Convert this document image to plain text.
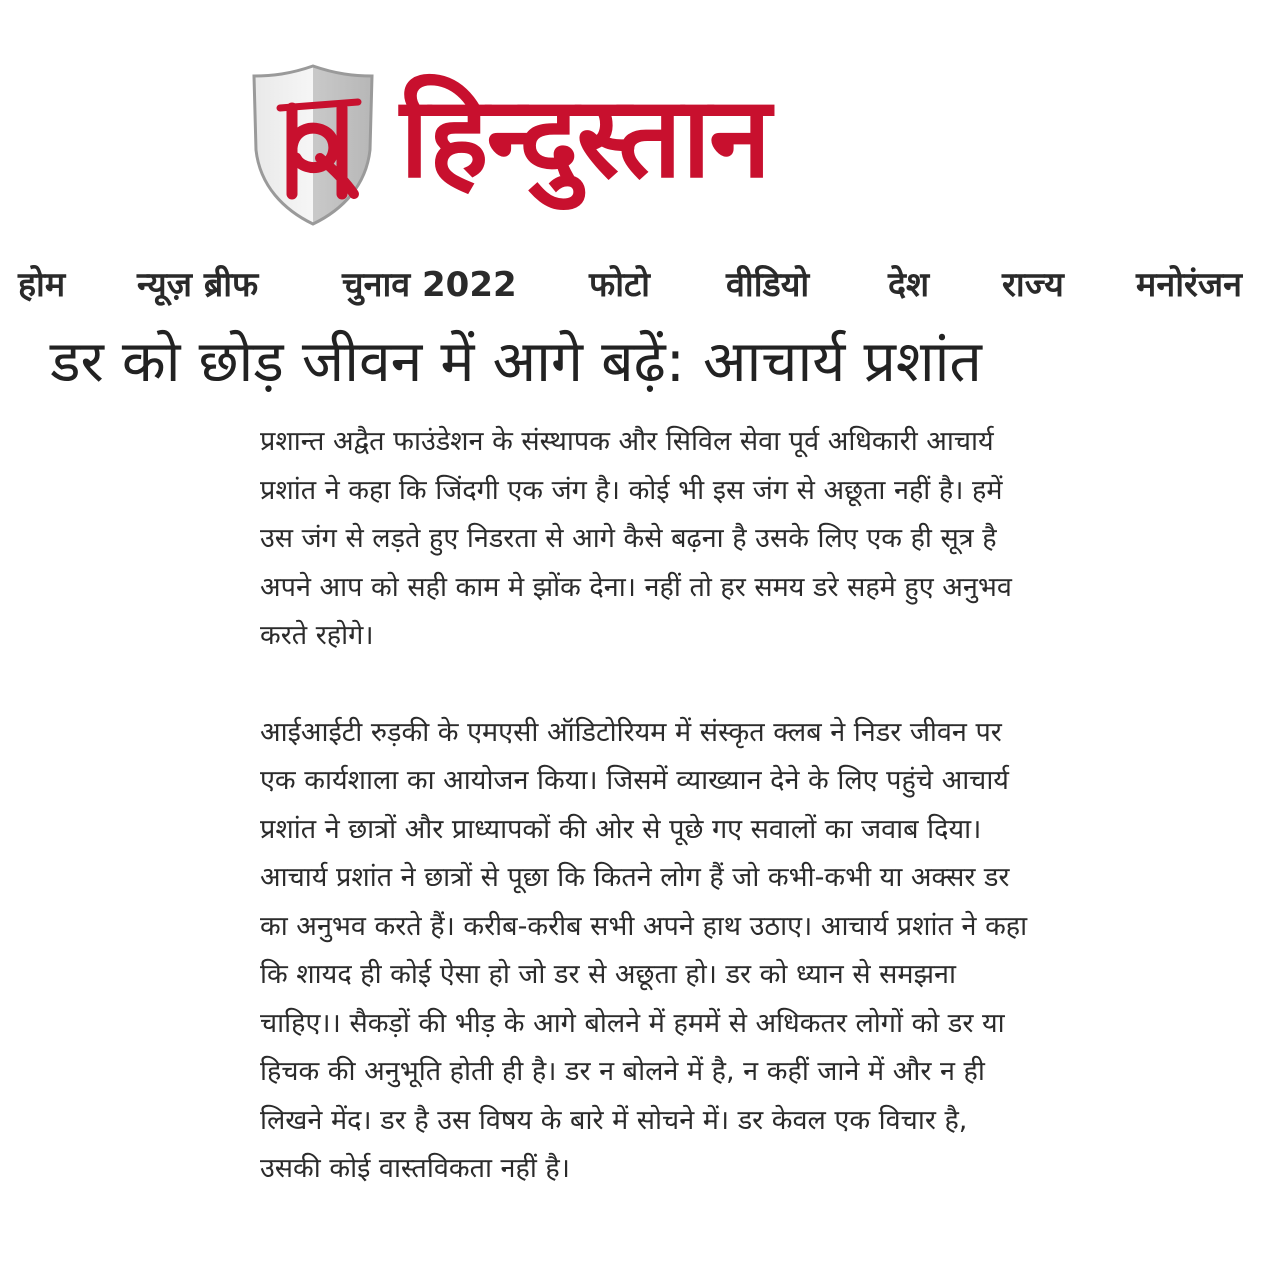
हिन्दुस्तान
होम न्यूज़ ब्रीफ चुनाव 2022 फोटो वीडियो देश राज्य मनोरंजन
डर को छोड़ जीवन में आगे बढ़ें: आचार्य प्रशांत

प्रशान्त अद्वैत फाउंडेशन के संस्थापक और सिविल सेवा पूर्व अधिकारी आचार्य प्रशांत ने कहा कि जिंदगी एक जंग है। कोई भी इस जंग से अछूता नहीं है। हमें उस जंग से लड़ते हुए निडरता से आगे कैसे बढ़ना है उसके लिए एक ही सूत्र है अपने आप को सही काम मे झोंक देना। नहीं तो हर समय डरे सहमे हुए अनुभव करते रहोगे।

आईआईटी रुड़की के एमएसी ऑडिटोरियम में संस्कृत क्लब ने निडर जीवन पर एक कार्यशाला का आयोजन किया। जिसमें व्याख्यान देने के लिए पहुंचे आचार्य प्रशांत ने छात्रों और प्राध्यापकों की ओर से पूछे गए सवालों का जवाब दिया। आचार्य प्रशांत ने छात्रों से पूछा कि कितने लोग हैं जो कभी-कभी या अक्सर डर का अनुभव करते हैं। करीब-करीब सभी अपने हाथ उठाए। आचार्य प्रशांत ने कहा कि शायद ही कोई ऐसा हो जो डर से अछूता हो। डर को ध्यान से समझना चाहिए।। सैकड़ों की भीड़ के आगे बोलने में हममें से अधिकतर लोगों को डर या हिचक की अनुभूति होती ही है। डर न बोलने में है, न कहीं जाने में और न ही लिखने मेंद। डर है उस विषय के बारे में सोचने में। डर केवल एक विचार है, उसकी कोई वास्तविकता नहीं है।
